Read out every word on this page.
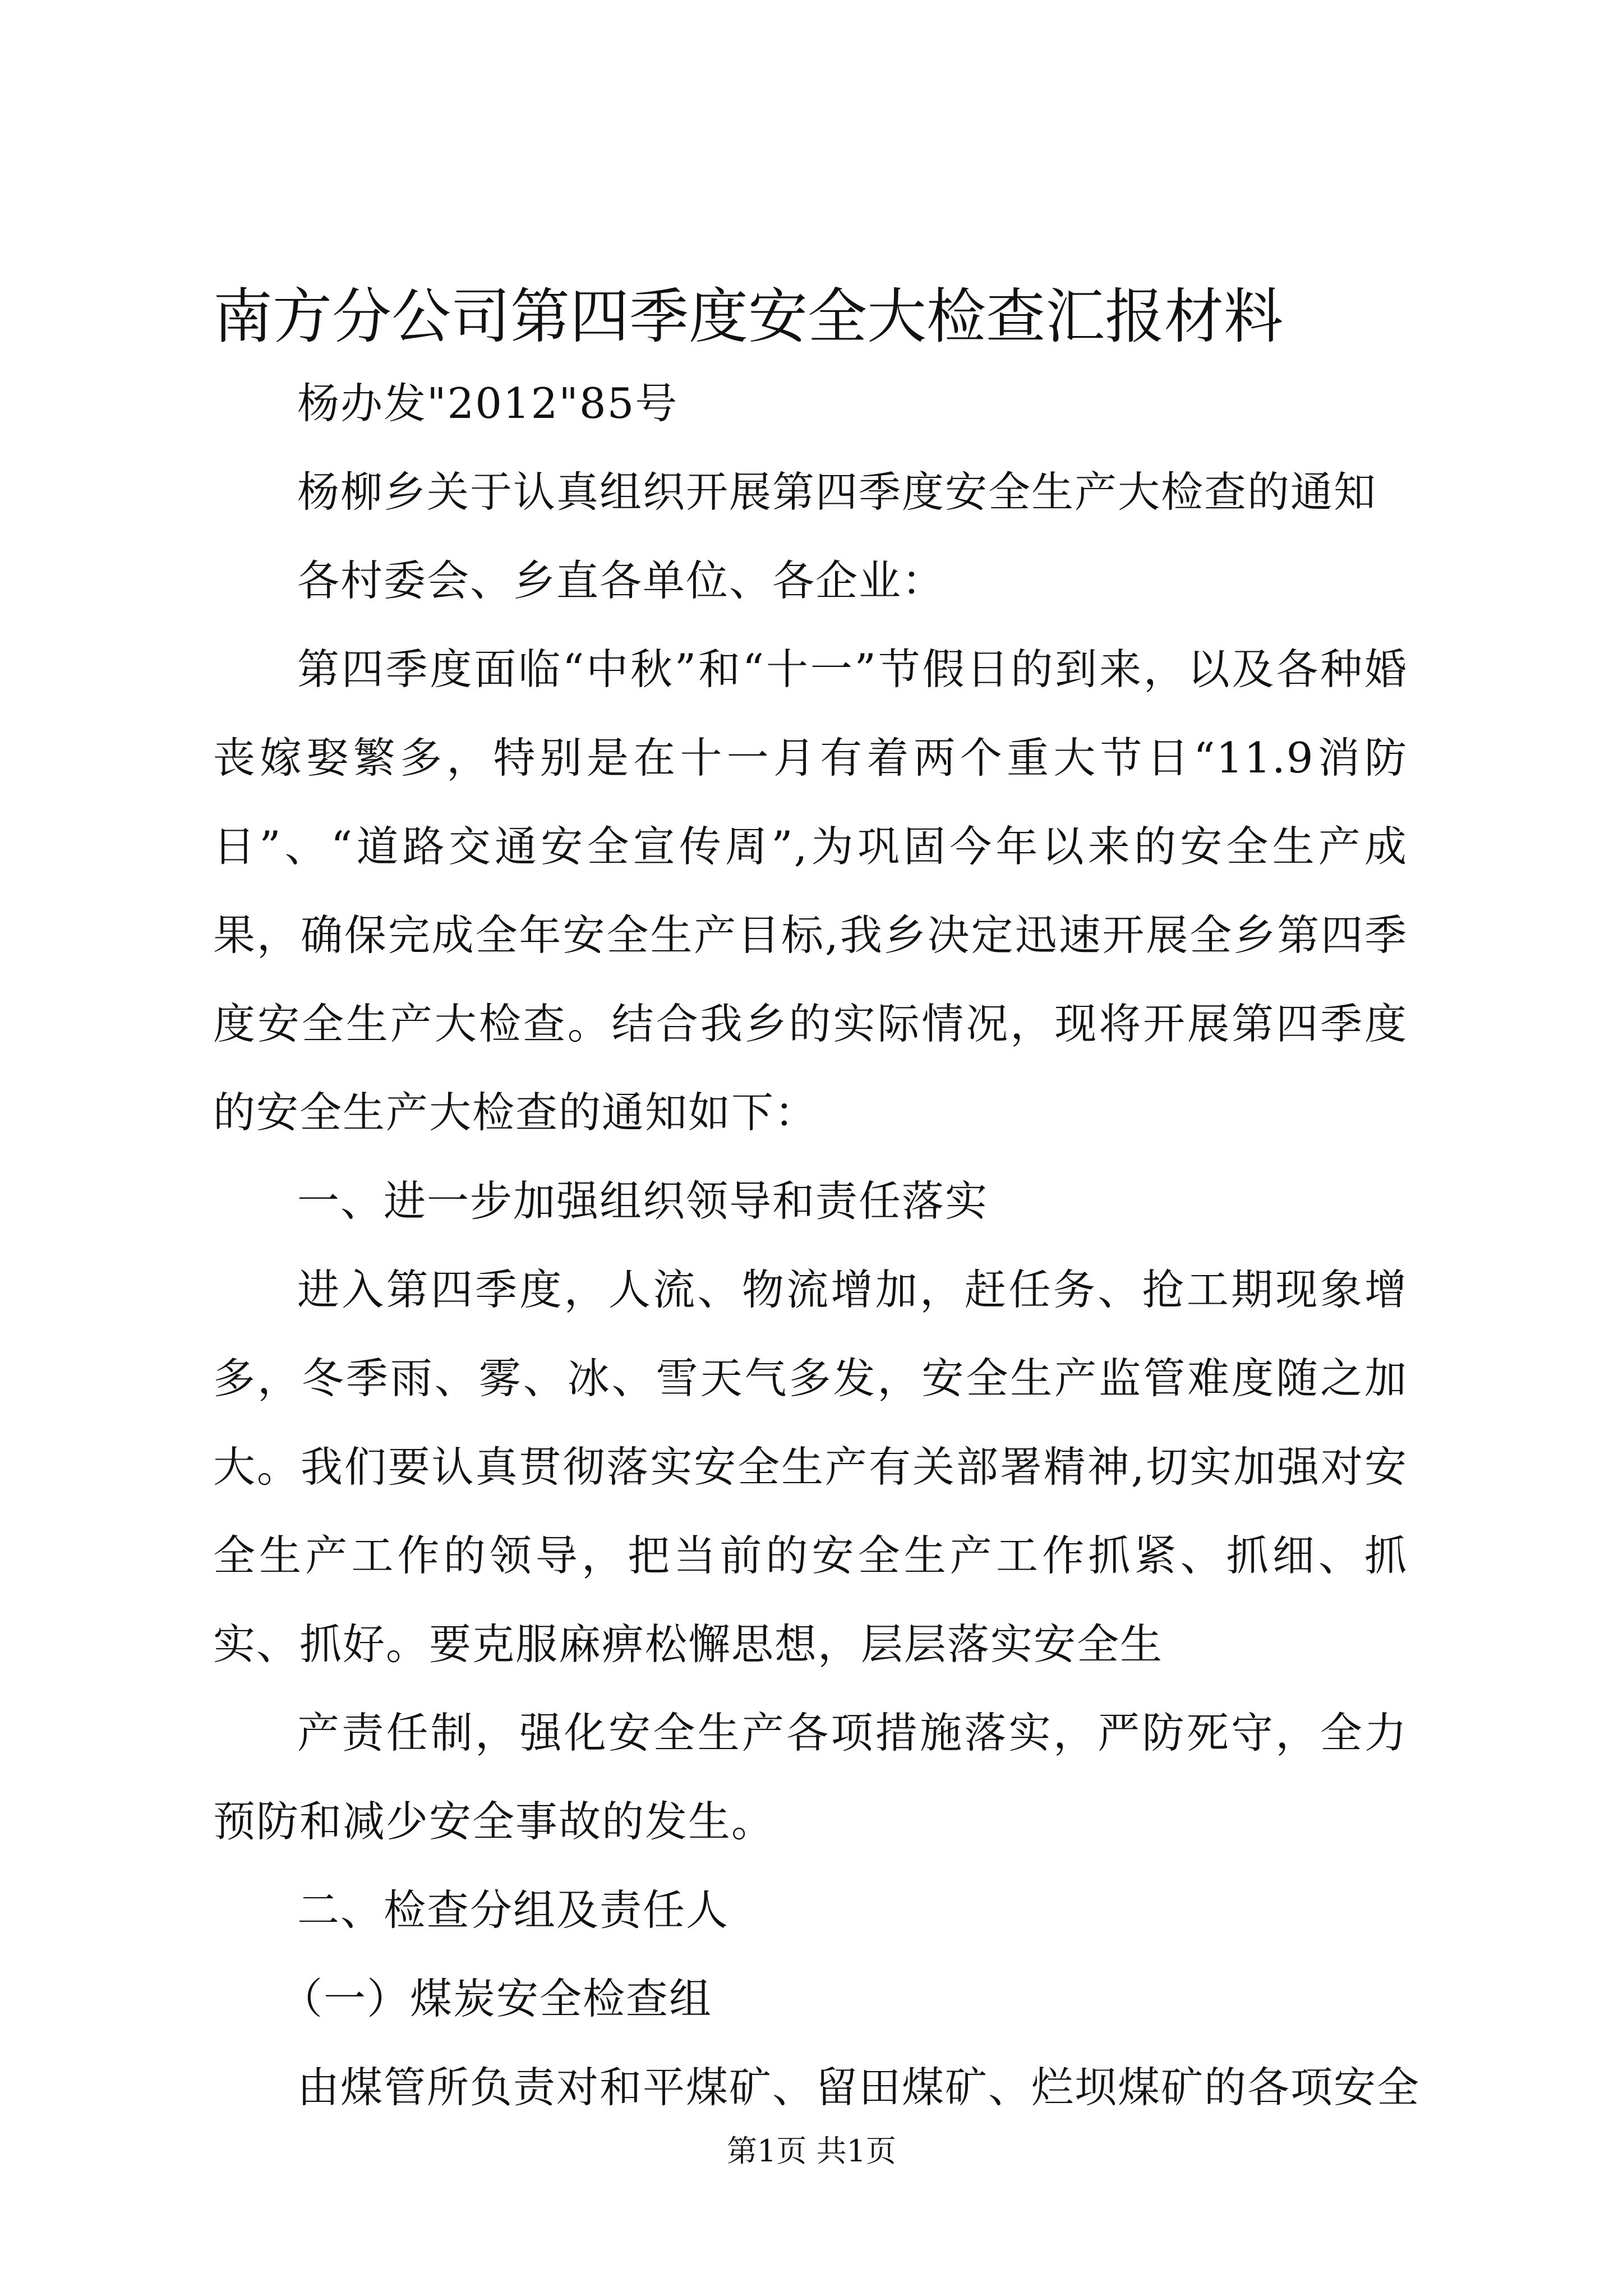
南方分公司第四季度安全大检查汇报材料

杨办发"2012"85号

杨柳乡关于认真组织开展第四季度安全生产大检查的通知

各村委会、乡直各单位、各企业：

第四季度面临“中秋”和“十一”节假日的到来，以及各种婚丧嫁娶繁多，特别是在十一月有着两个重大节日“11.9消防日”、“道路交通安全宣传周”,为巩固今年以来的安全生产成果，确保完成全年安全生产目标,我乡决定迅速开展全乡第四季度安全生产大检查。结合我乡的实际情况，现将开展第四季度的安全生产大检查的通知如下：

一、进一步加强组织领导和责任落实

进入第四季度，人流、物流增加，赶任务、抢工期现象增多，冬季雨、雾、冰、雪天气多发，安全生产监管难度随之加大。我们要认真贯彻落实安全生产有关部署精神,切实加强对安全生产工作的领导，把当前的安全生产工作抓紧、抓细、抓实、抓好。要克服麻痹松懈思想，层层落实安全生

产责任制，强化安全生产各项措施落实，严防死守，全力预防和减少安全事故的发生。

二、检查分组及责任人

（一）煤炭安全检查组

由煤管所负责对和平煤矿、留田煤矿、烂坝煤矿的各项安全

第1页 共1页
